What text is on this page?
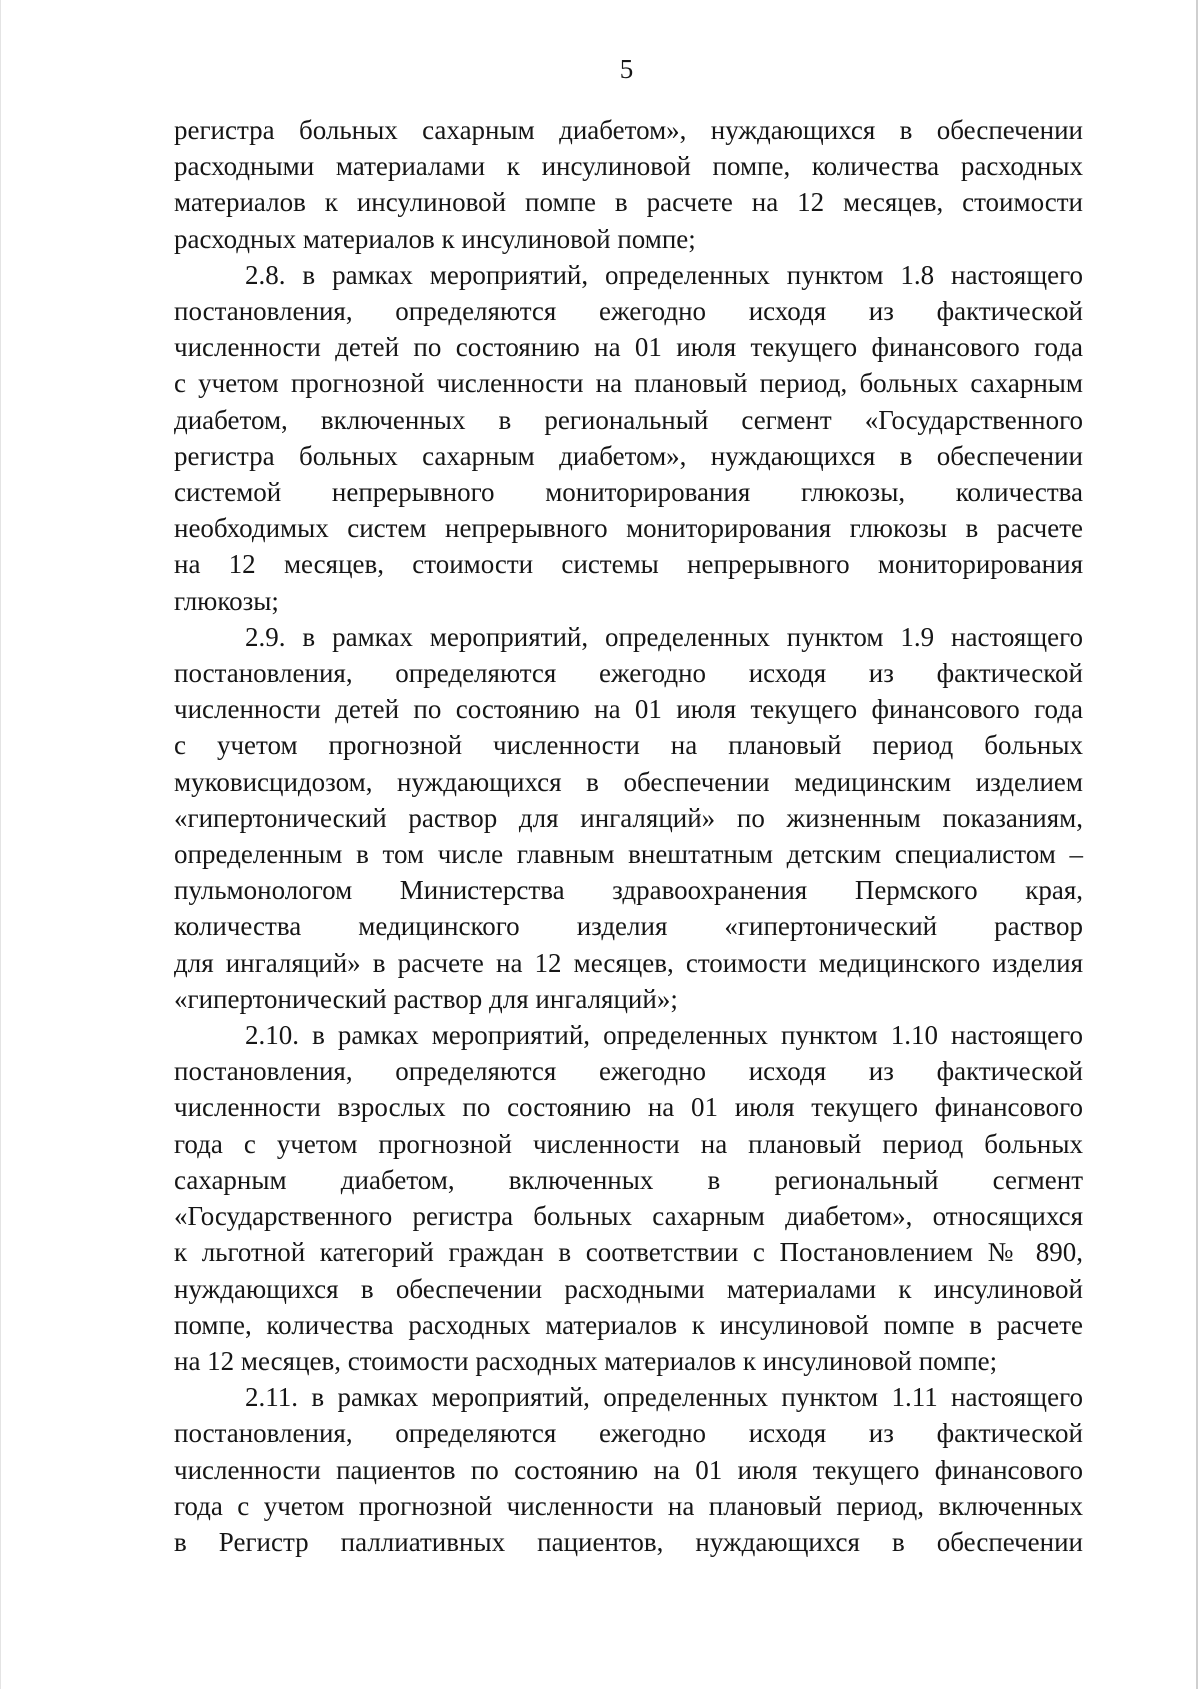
5

регистра больных сахарным диабетом», нуждающихся в обеспечении
расходными материалами к инсулиновой помпе, количества расходных
материалов к инсулиновой помпе в расчете на 12 месяцев, стоимости
расходных материалов к инсулиновой помпе;

2.8. в рамках мероприятий, определенных пунктом 1.8 настоящего
постановления, определяются ежегодно исходя из фактической
численности детей по состоянию на 01 июля текущего финансового года
с учетом прогнозной численности на плановый период, больных сахарным
диабетом, включенных в региональный сегмент «Государственного
регистра больных сахарным диабетом», нуждающихся в обеспечении
системой непрерывного мониторирования глюкозы, количества
необходимых систем непрерывного мониторирования глюкозы в расчете
на 12 месяцев, стоимости системы непрерывного мониторирования
глюкозы;

2.9. в рамках мероприятий, определенных пунктом 1.9 настоящего
постановления, определяются ежегодно исходя из фактической
численности детей по состоянию на 01 июля текущего финансового года
с учетом прогнозной численности на плановый период больных
муковисцидозом, нуждающихся в обеспечении медицинским изделием
«гипертонический раствор для ингаляций» по жизненным показаниям,
определенным в том числе главным внештатным детским специалистом –
пульмонологом Министерства здравоохранения Пермского края,
количества медицинского изделия «гипертонический раствор
для ингаляций» в расчете на 12 месяцев, стоимости медицинского изделия
«гипертонический раствор для ингаляций»;

2.10. в рамках мероприятий, определенных пунктом 1.10 настоящего
постановления, определяются ежегодно исходя из фактической
численности взрослых по состоянию на 01 июля текущего финансового
года с учетом прогнозной численности на плановый период больных
сахарным диабетом, включенных в региональный сегмент
«Государственного регистра больных сахарным диабетом», относящихся
к льготной категорий граждан в соответствии с Постановлением № 890,
нуждающихся в обеспечении расходными материалами к инсулиновой
помпе, количества расходных материалов к инсулиновой помпе в расчете
на 12 месяцев, стоимости расходных материалов к инсулиновой помпе;

2.11. в рамках мероприятий, определенных пунктом 1.11 настоящего
постановления, определяются ежегодно исходя из фактической
численности пациентов по состоянию на 01 июля текущего финансового
года с учетом прогнозной численности на плановый период, включенных
в Регистр паллиативных пациентов, нуждающихся в обеспечении
